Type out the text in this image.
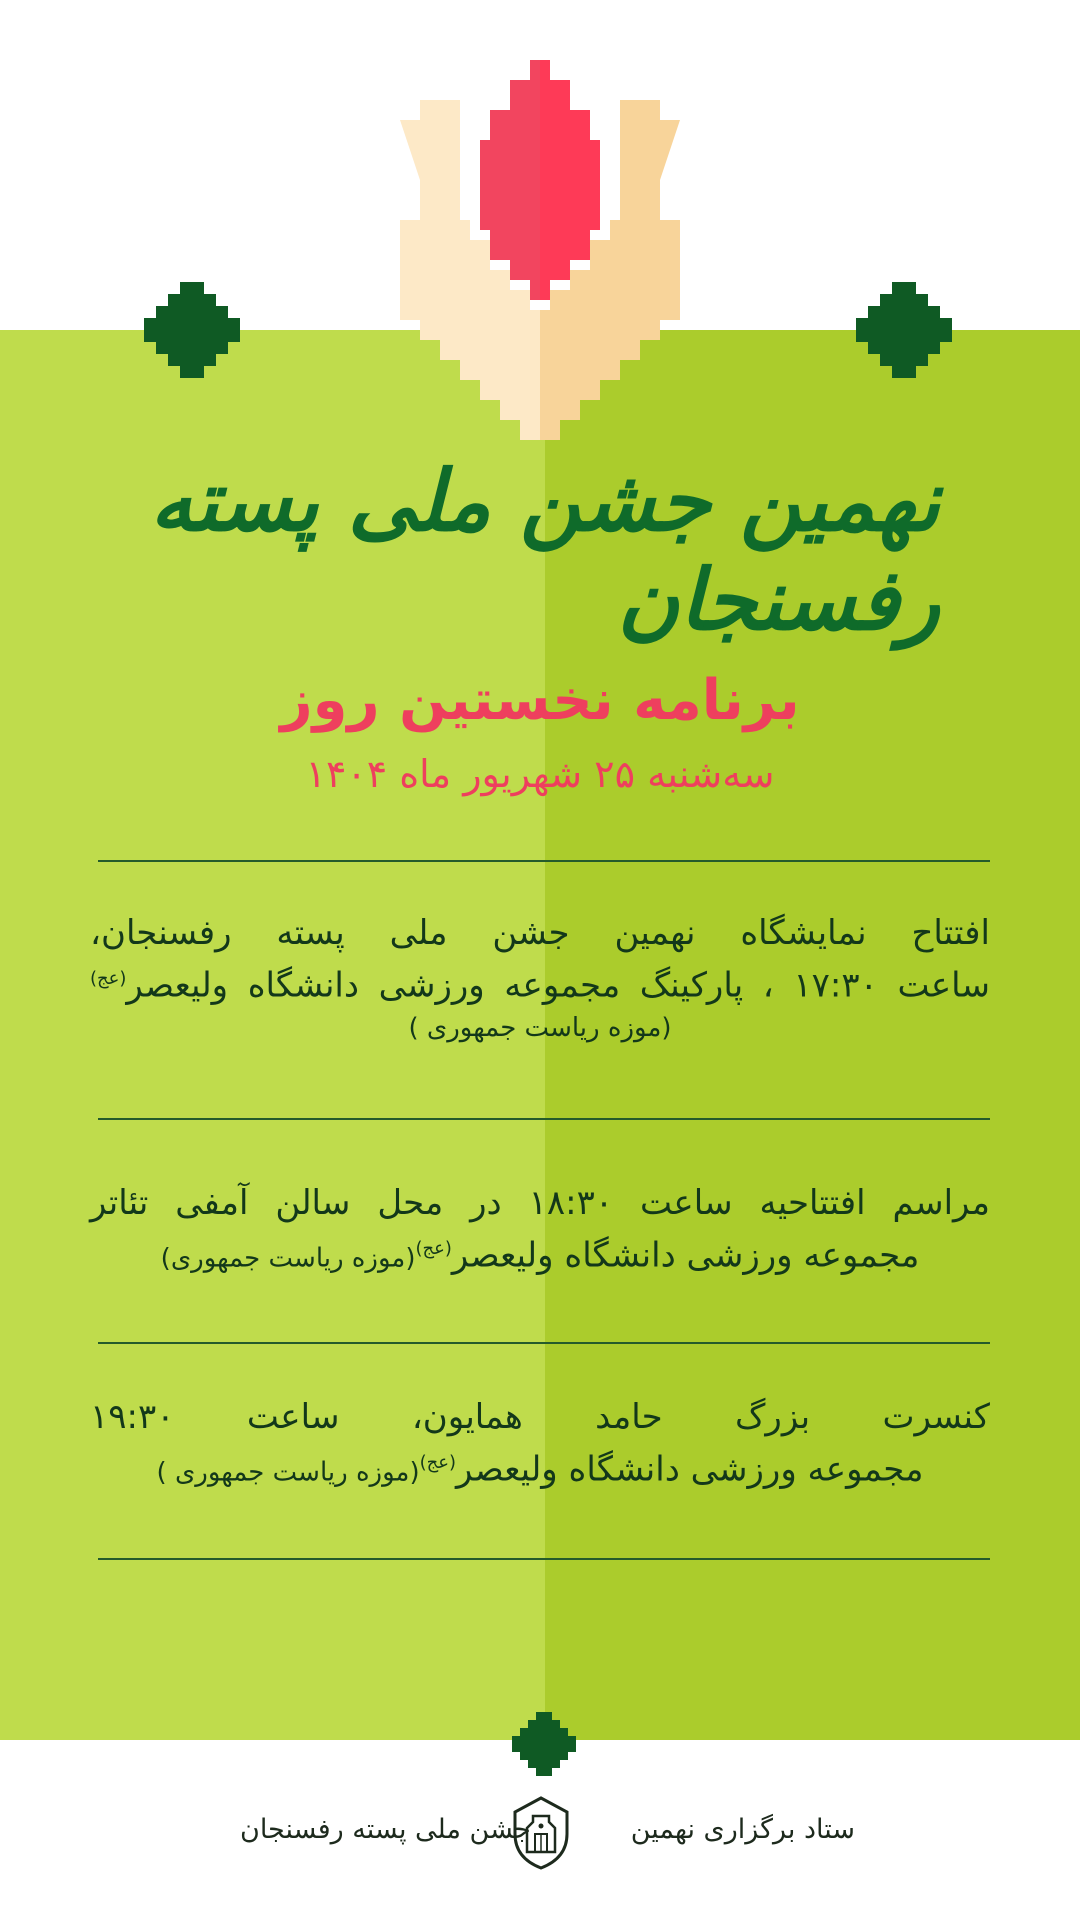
نهمین جشن ملی پسته رفسنجان
برنامه نخستین روز
سه‌شنبه ۲۵ شهریور ماه ۱۴۰۴
افتتاح نمایشگاه نهمین جشن ملی پسته رفسنجان،
ساعت ۱۷:۳۰ ، پارکینگ مجموعه ورزشی دانشگاه ولیعصر$^{(عج)}$
(موزه ریاست جمهوری )
مراسم افتتاحیه ساعت ۱۸:۳۰ در محل سالن آمفی تئاتر
مجموعه ورزشی دانشگاه ولیعصر$^{(عج)}$(موزه ریاست جمهوری)
کنسرت بزرگ حامد همایون، ساعت ۱۹:۳۰
مجموعه ورزشی دانشگاه ولیعصر$^{(عج)}$(موزه ریاست جمهوری )
ستاد برگزاری نهمین
جشن ملی پسته رفسنجان
